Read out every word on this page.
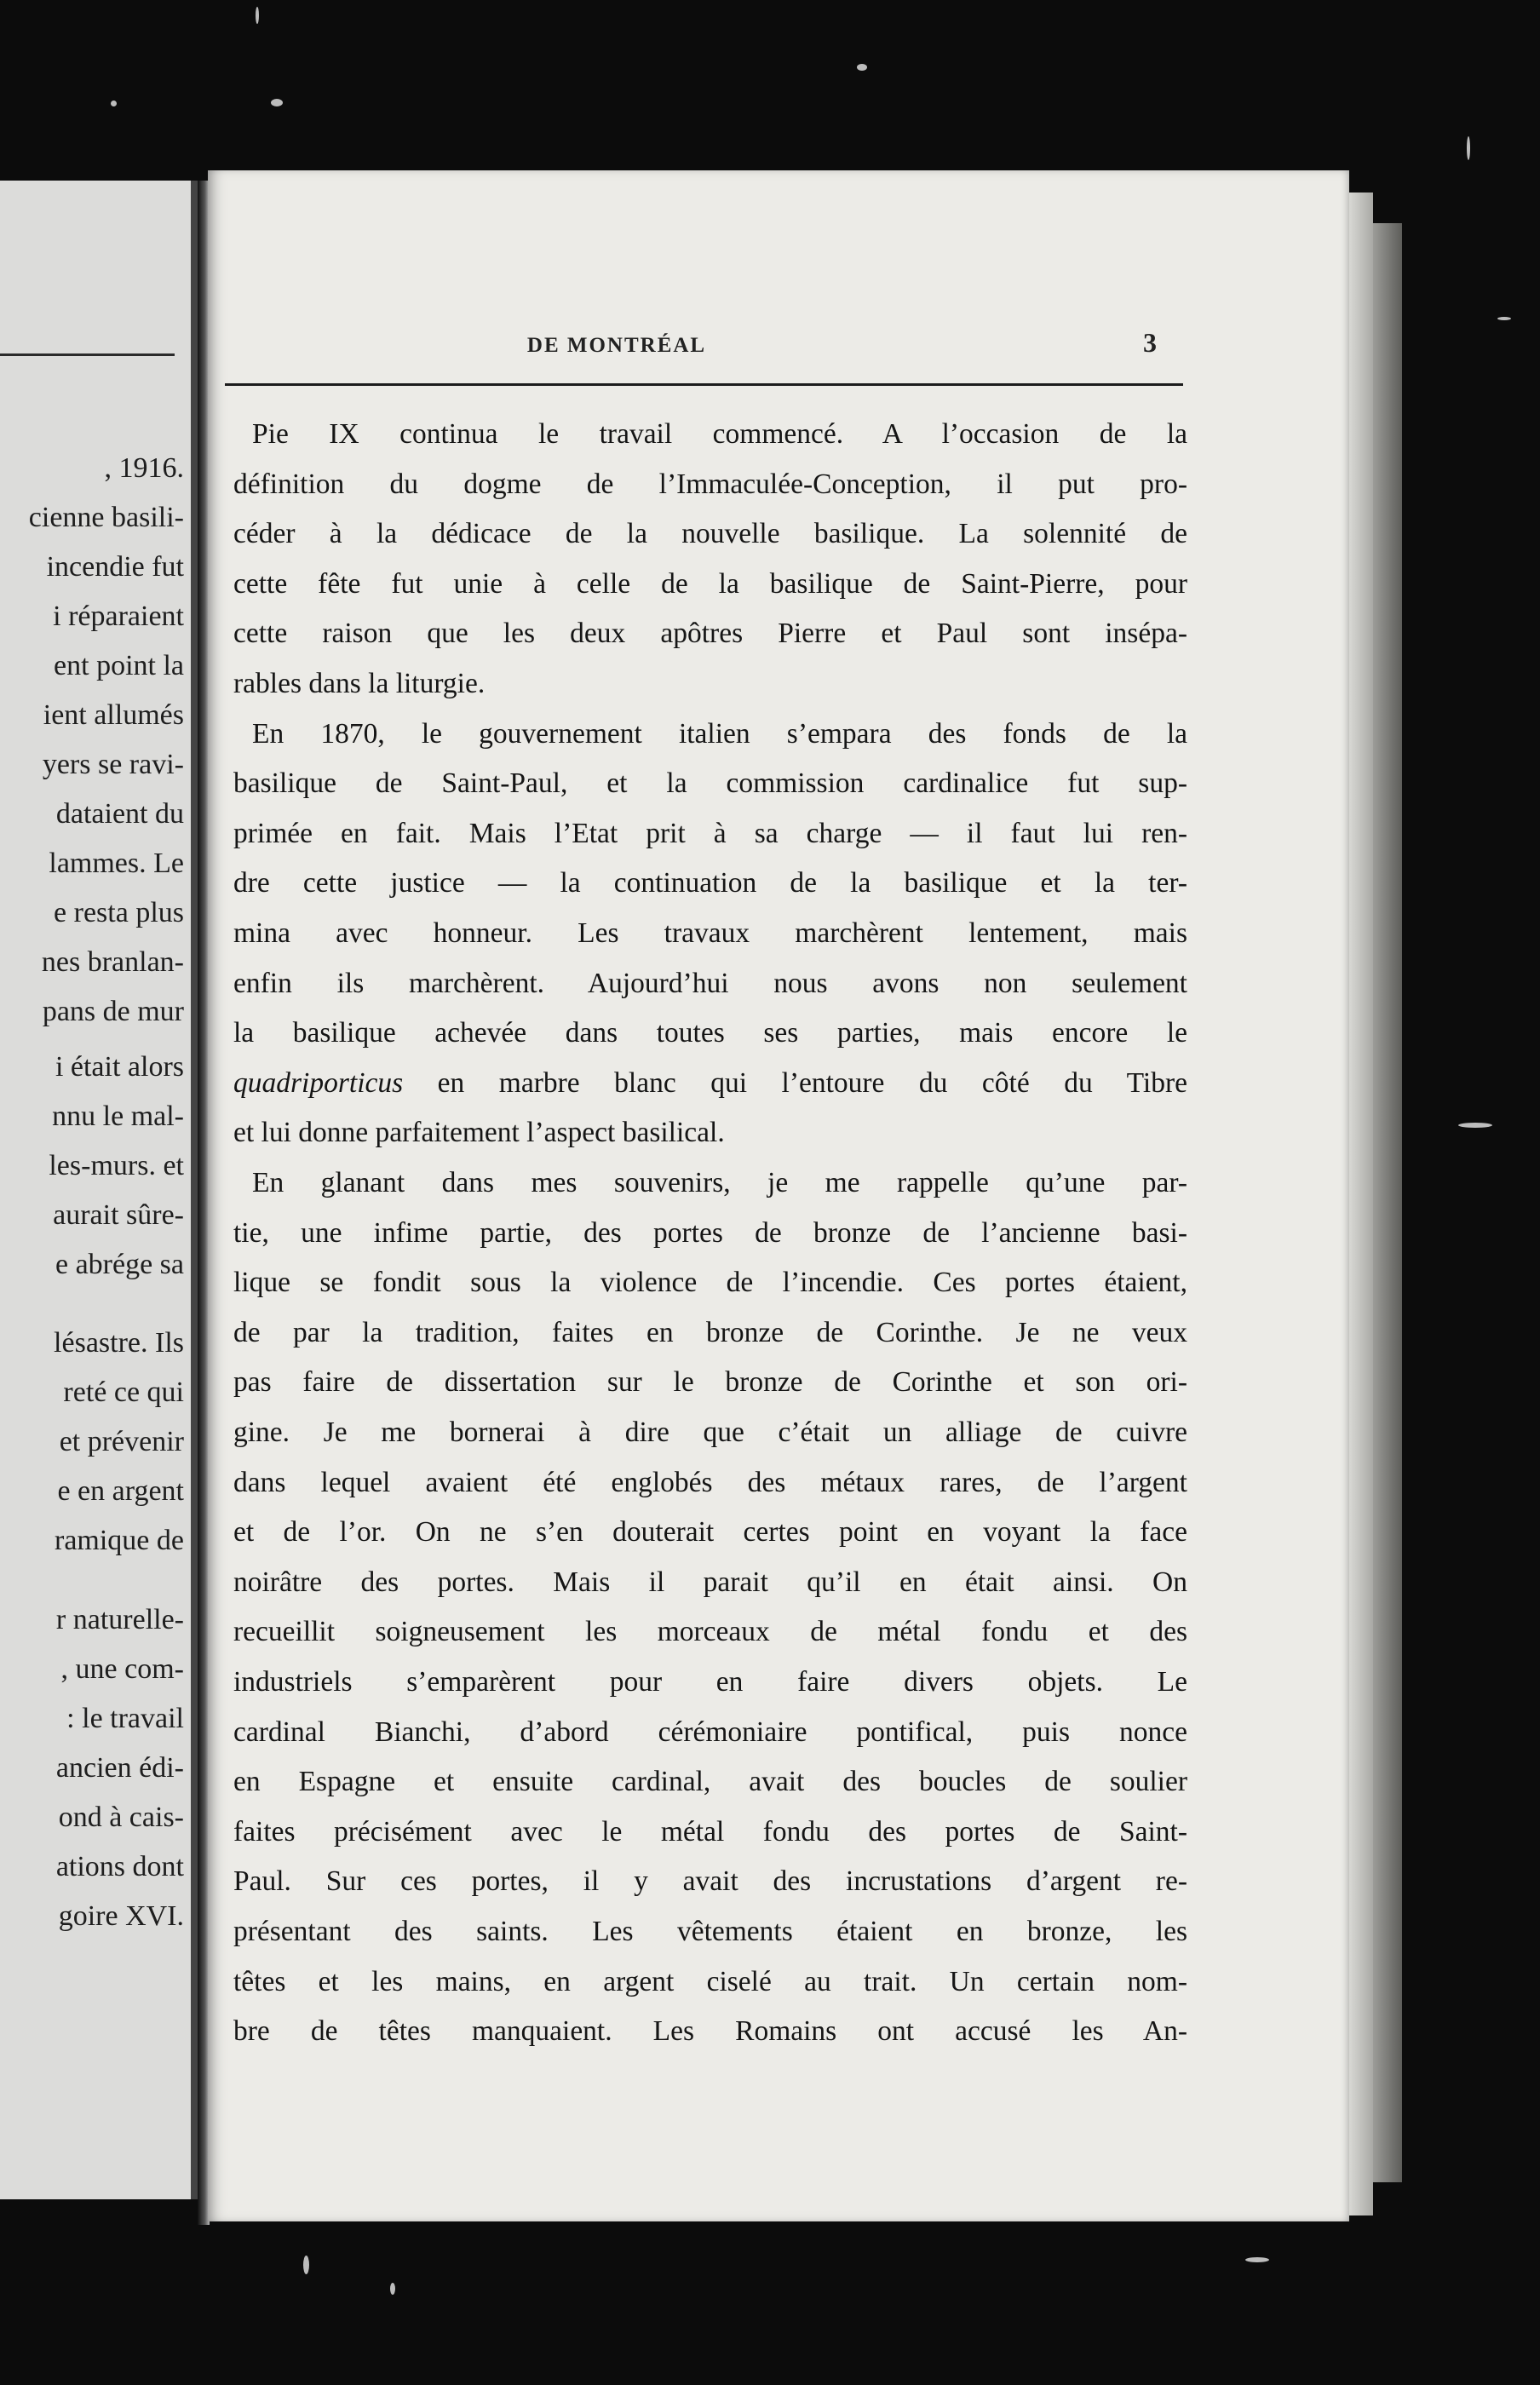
, 1916.
cienne basili-
incendie fut
i réparaient
ent point la
ient allumés
yers se ravi-
dataient du
lammes. Le
e resta plus
nes branlan-
pans de mur
i était alors
nnu le mal-
les-murs. et
aurait sûre-
e abrége sa
lésastre. Ils
reté ce qui
et prévenir
e en argent
ramique de
r naturelle-
, une com-
: le travail
ancien édi-
ond à cais-
ations dont
goire XVI.
DE MONTRÉAL	3
Pie IX continua le travail commencé. A l’occasion de la
définition du dogme de l’Immaculée-Conception, il put pro-
céder à la dédicace de la nouvelle basilique. La solennité de
cette fête fut unie à celle de la basilique de Saint-Pierre, pour
cette raison que les deux apôtres Pierre et Paul sont insépa-
rables dans la liturgie.
En 1870, le gouvernement italien s’empara des fonds de la
basilique de Saint-Paul, et la commission cardinalice fut sup-
primée en fait. Mais l’Etat prit à sa charge — il faut lui ren-
dre cette justice — la continuation de la basilique et la ter-
mina avec honneur. Les travaux marchèrent lentement, mais
enfin ils marchèrent. Aujourd’hui nous avons non seulement
la basilique achevée dans toutes ses parties, mais encore le
quadriporticus en marbre blanc qui l’entoure du côté du Tibre
et lui donne parfaitement l’aspect basilical.
En glanant dans mes souvenirs, je me rappelle qu’une par-
tie, une infime partie, des portes de bronze de l’ancienne basi-
lique se fondit sous la violence de l’incendie. Ces portes étaient,
de par la tradition, faites en bronze de Corinthe. Je ne veux
pas faire de dissertation sur le bronze de Corinthe et son ori-
gine. Je me bornerai à dire que c’était un alliage de cuivre
dans lequel avaient été englobés des métaux rares, de l’argent
et de l’or. On ne s’en douterait certes point en voyant la face
noirâtre des portes. Mais il parait qu’il en était ainsi. On
recueillit soigneusement les morceaux de métal fondu et des
industriels s’emparèrent pour en faire divers objets. Le
cardinal Bianchi, d’abord cérémoniaire pontifical, puis nonce
en Espagne et ensuite cardinal, avait des boucles de soulier
faites précisément avec le métal fondu des portes de Saint-
Paul. Sur ces portes, il y avait des incrustations d’argent re-
présentant des saints. Les vêtements étaient en bronze, les
têtes et les mains, en argent ciselé au trait. Un certain nom-
bre de têtes manquaient. Les Romains ont accusé les An-
